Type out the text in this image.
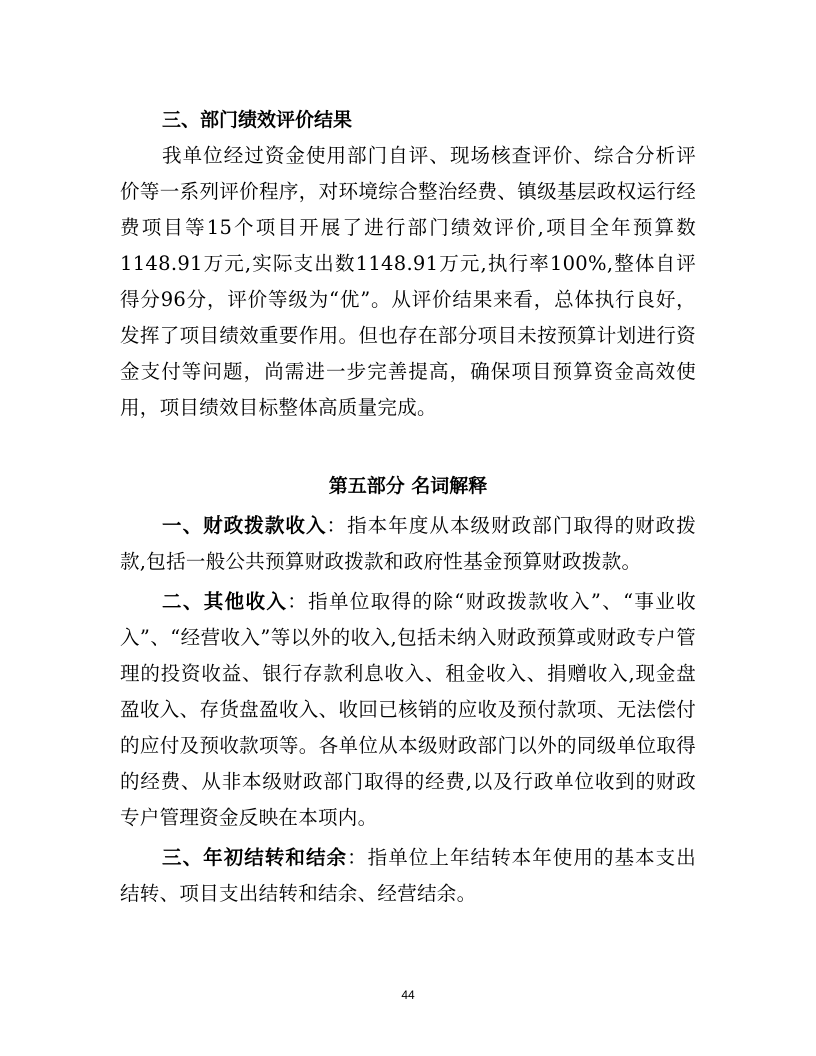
三、部门绩效评价结果

我单位经过资金使用部门自评、现场核查评价、综合分析评价等一系列评价程序，对环境综合整治经费、镇级基层政权运行经费项目等15个项目开展了进行部门绩效评价,项目全年预算数1148.91万元,实际支出数1148.91万元,执行率100%,整体自评得分96分，评价等级为“优”。从评价结果来看，总体执行良好，发挥了项目绩效重要作用。但也存在部分项目未按预算计划进行资金支付等问题，尚需进一步完善提高，确保项目预算资金高效使用，项目绩效目标整体高质量完成。

第五部分 名词解释

一、财政拨款收入：指本年度从本级财政部门取得的财政拨款,包括一般公共预算财政拨款和政府性基金预算财政拨款。

二、其他收入：指单位取得的除“财政拨款收入”、“事业收入”、“经营收入”等以外的收入,包括未纳入财政预算或财政专户管理的投资收益、银行存款利息收入、租金收入、捐赠收入,现金盘盈收入、存货盘盈收入、收回已核销的应收及预付款项、无法偿付的应付及预收款项等。各单位从本级财政部门以外的同级单位取得的经费、从非本级财政部门取得的经费,以及行政单位收到的财政专户管理资金反映在本项内。

三、年初结转和结余：指单位上年结转本年使用的基本支出结转、项目支出结转和结余、经营结余。

44
